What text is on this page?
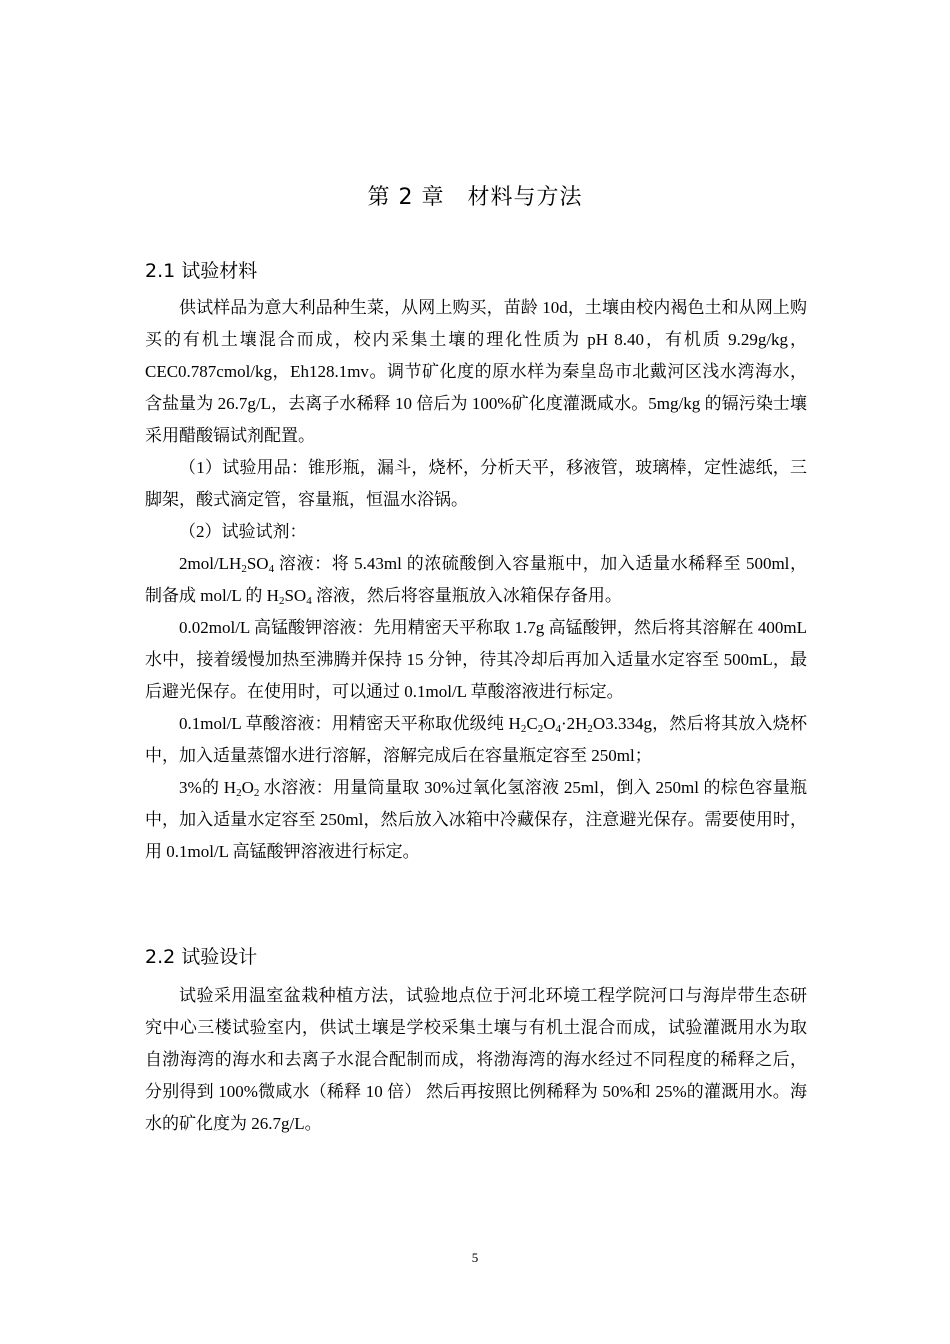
第 2 章　材料与方法
2.1 试验材料

供试样品为意大利品种生菜，从网上购买，苗龄 10d，土壤由校内褐色土和从网上购买的有机土壤混合而成，校内采集土壤的理化性质为 pH 8.40，有机质 9.29g/kg，CEC0.787cmol/kg，Eh128.1mv。调节矿化度的原水样为秦皇岛市北戴河区浅水湾海水，含盐量为 26.7g/L，去离子水稀释 10 倍后为 100%矿化度灌溉咸水。5mg/kg 的镉污染士壤采用醋酸镉试剂配置。

（1）试验用品：锥形瓶，漏斗，烧杯，分析天平，移液管，玻璃棒，定性滤纸，三脚架，酸式滴定管，容量瓶，恒温水浴锅。

（2）试验试剂：

$2mol/LH_2SO_4$ 溶液：将 5.43ml 的浓硫酸倒入容量瓶中，加入适量水稀释至 500ml，制备成 mol/L 的 $H_2SO_4$ 溶液，然后将容量瓶放入冰箱保存备用。

0.02mol/L 高锰酸钾溶液：先用精密天平称取 1.7g 高锰酸钾，然后将其溶解在 400mL 水中，接着缓慢加热至沸腾并保持 15 分钟，待其冷却后再加入适量水定容至 500mL，最后避光保存。在使用时，可以通过 0.1mol/L 草酸溶液进行标定。

0.1mol/L 草酸溶液：用精密天平称取优级纯 $H_2C_2O_4\cdot 2H_2O3.334g$，然后将其放入烧杯中，加入适量蒸馏水进行溶解，溶解完成后在容量瓶定容至 250ml；

3%的 $H_2O_2$ 水溶液：用量筒量取 30%过氧化氢溶液 25ml，倒入 250ml 的棕色容量瓶中，加入适量水定容至 250ml，然后放入冰箱中冷藏保存，注意避光保存。需要使用时，用 0.1mol/L 高锰酸钾溶液进行标定。

2.2 试验设计

试验采用温室盆栽种植方法，试验地点位于河北环境工程学院河口与海岸带生态研究中心三楼试验室内，供试土壤是学校采集土壤与有机土混合而成，试验灌溉用水为取自渤海湾的海水和去离子水混合配制而成，将渤海湾的海水经过不同程度的稀释之后，分别得到 100%微咸水（稀释 10 倍） 然后再按照比例稀释为 50%和 25%的灌溉用水。海水的矿化度为 26.7g/L。

5
